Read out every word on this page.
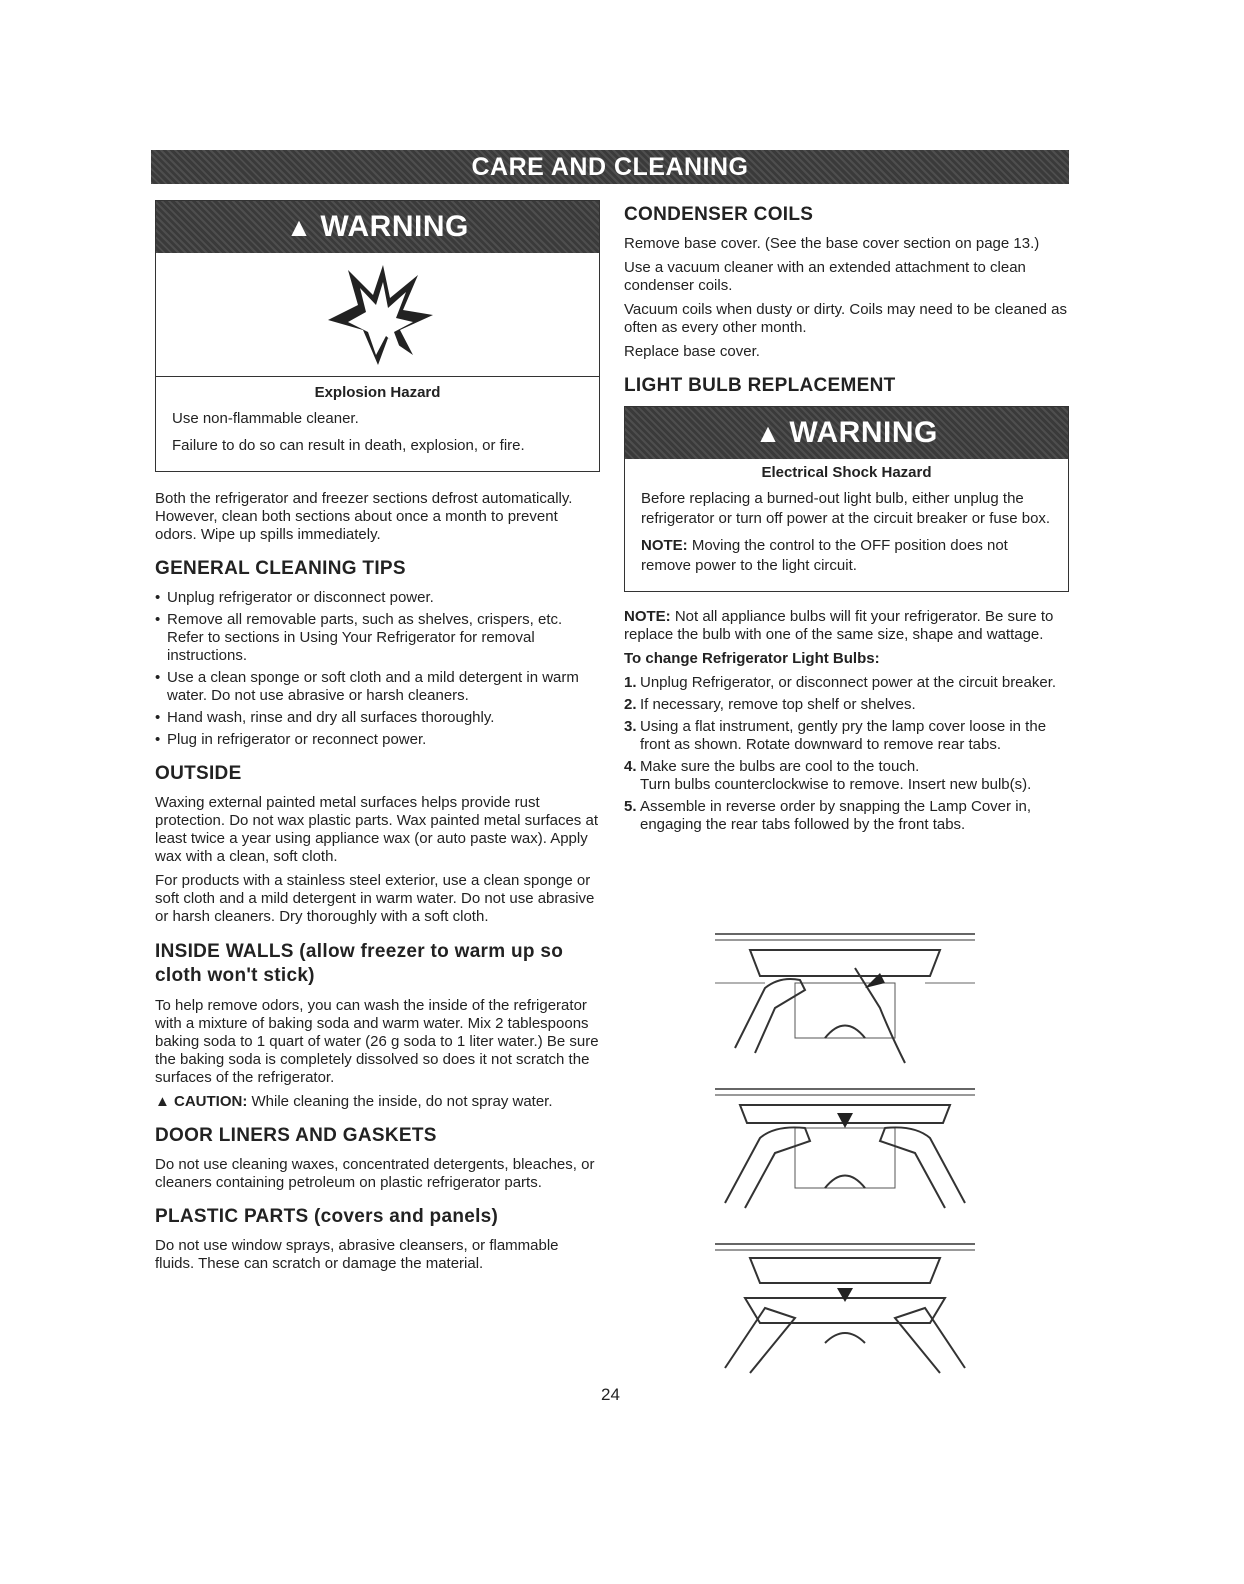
CARE AND CLEANING
▲ WARNING
Explosion Hazard

Use non-flammable cleaner.

Failure to do so can result in death, explosion, or fire.

Both the refrigerator and freezer sections defrost automatically. However, clean both sections about once a month to prevent odors. Wipe up spills immediately.

GENERAL CLEANING TIPS
• Unplug refrigerator or disconnect power.
• Remove all removable parts, such as shelves, crispers, etc. Refer to sections in Using Your Refrigerator for removal instructions.
• Use a clean sponge or soft cloth and a mild detergent in warm water. Do not use abrasive or harsh cleaners.
• Hand wash, rinse and dry all surfaces thoroughly.
• Plug in refrigerator or reconnect power.
OUTSIDE

Waxing external painted metal surfaces helps provide rust protection. Do not wax plastic parts. Wax painted metal surfaces at least twice a year using appliance wax (or auto paste wax). Apply wax with a clean, soft cloth.

For products with a stainless steel exterior, use a clean sponge or soft cloth and a mild detergent in warm water. Do not use abrasive or harsh cleaners. Dry thoroughly with a soft cloth.

INSIDE WALLS (allow freezer to warm up so cloth won't stick)

To help remove odors, you can wash the inside of the refrigerator with a mixture of baking soda and warm water. Mix 2 tablespoons baking soda to 1 quart of water (26 g soda to 1 liter water.) Be sure the baking soda is completely dissolved so does it not scratch the surfaces of the refrigerator.

▲ CAUTION: While cleaning the inside, do not spray water.

DOOR LINERS AND GASKETS

Do not use cleaning waxes, concentrated detergents, bleaches, or cleaners containing petroleum on plastic refrigerator parts.

PLASTIC PARTS (covers and panels)

Do not use window sprays, abrasive cleansers, or flammable fluids. These can scratch or damage the material.

CONDENSER COILS

Remove base cover. (See the base cover section on page 13.)

Use a vacuum cleaner with an extended attachment to clean condenser coils.

Vacuum coils when dusty or dirty. Coils may need to be cleaned as often as every other month.

Replace base cover.

LIGHT BULB REPLACEMENT
▲ WARNING
Electrical Shock Hazard

Before replacing a burned-out light bulb, either unplug the refrigerator or turn off power at the circuit breaker or fuse box.

NOTE: Moving the control to the OFF position does not remove power to the light circuit.

NOTE: Not all appliance bulbs will fit your refrigerator. Be sure to replace the bulb with one of the same size, shape and wattage.

To change Refrigerator Light Bulbs:

1. Unplug Refrigerator, or disconnect power at the circuit breaker.
2. If necessary, remove top shelf or shelves.
3. Using a flat instrument, gently pry the lamp cover loose in the front as shown. Rotate downward to remove rear tabs.
4. Make sure the bulbs are cool to the touch.
Turn bulbs counterclockwise to remove. Insert new bulb(s).
5. Assemble in reverse order by snapping the Lamp Cover in, engaging the rear tabs followed by the front tabs.

24
